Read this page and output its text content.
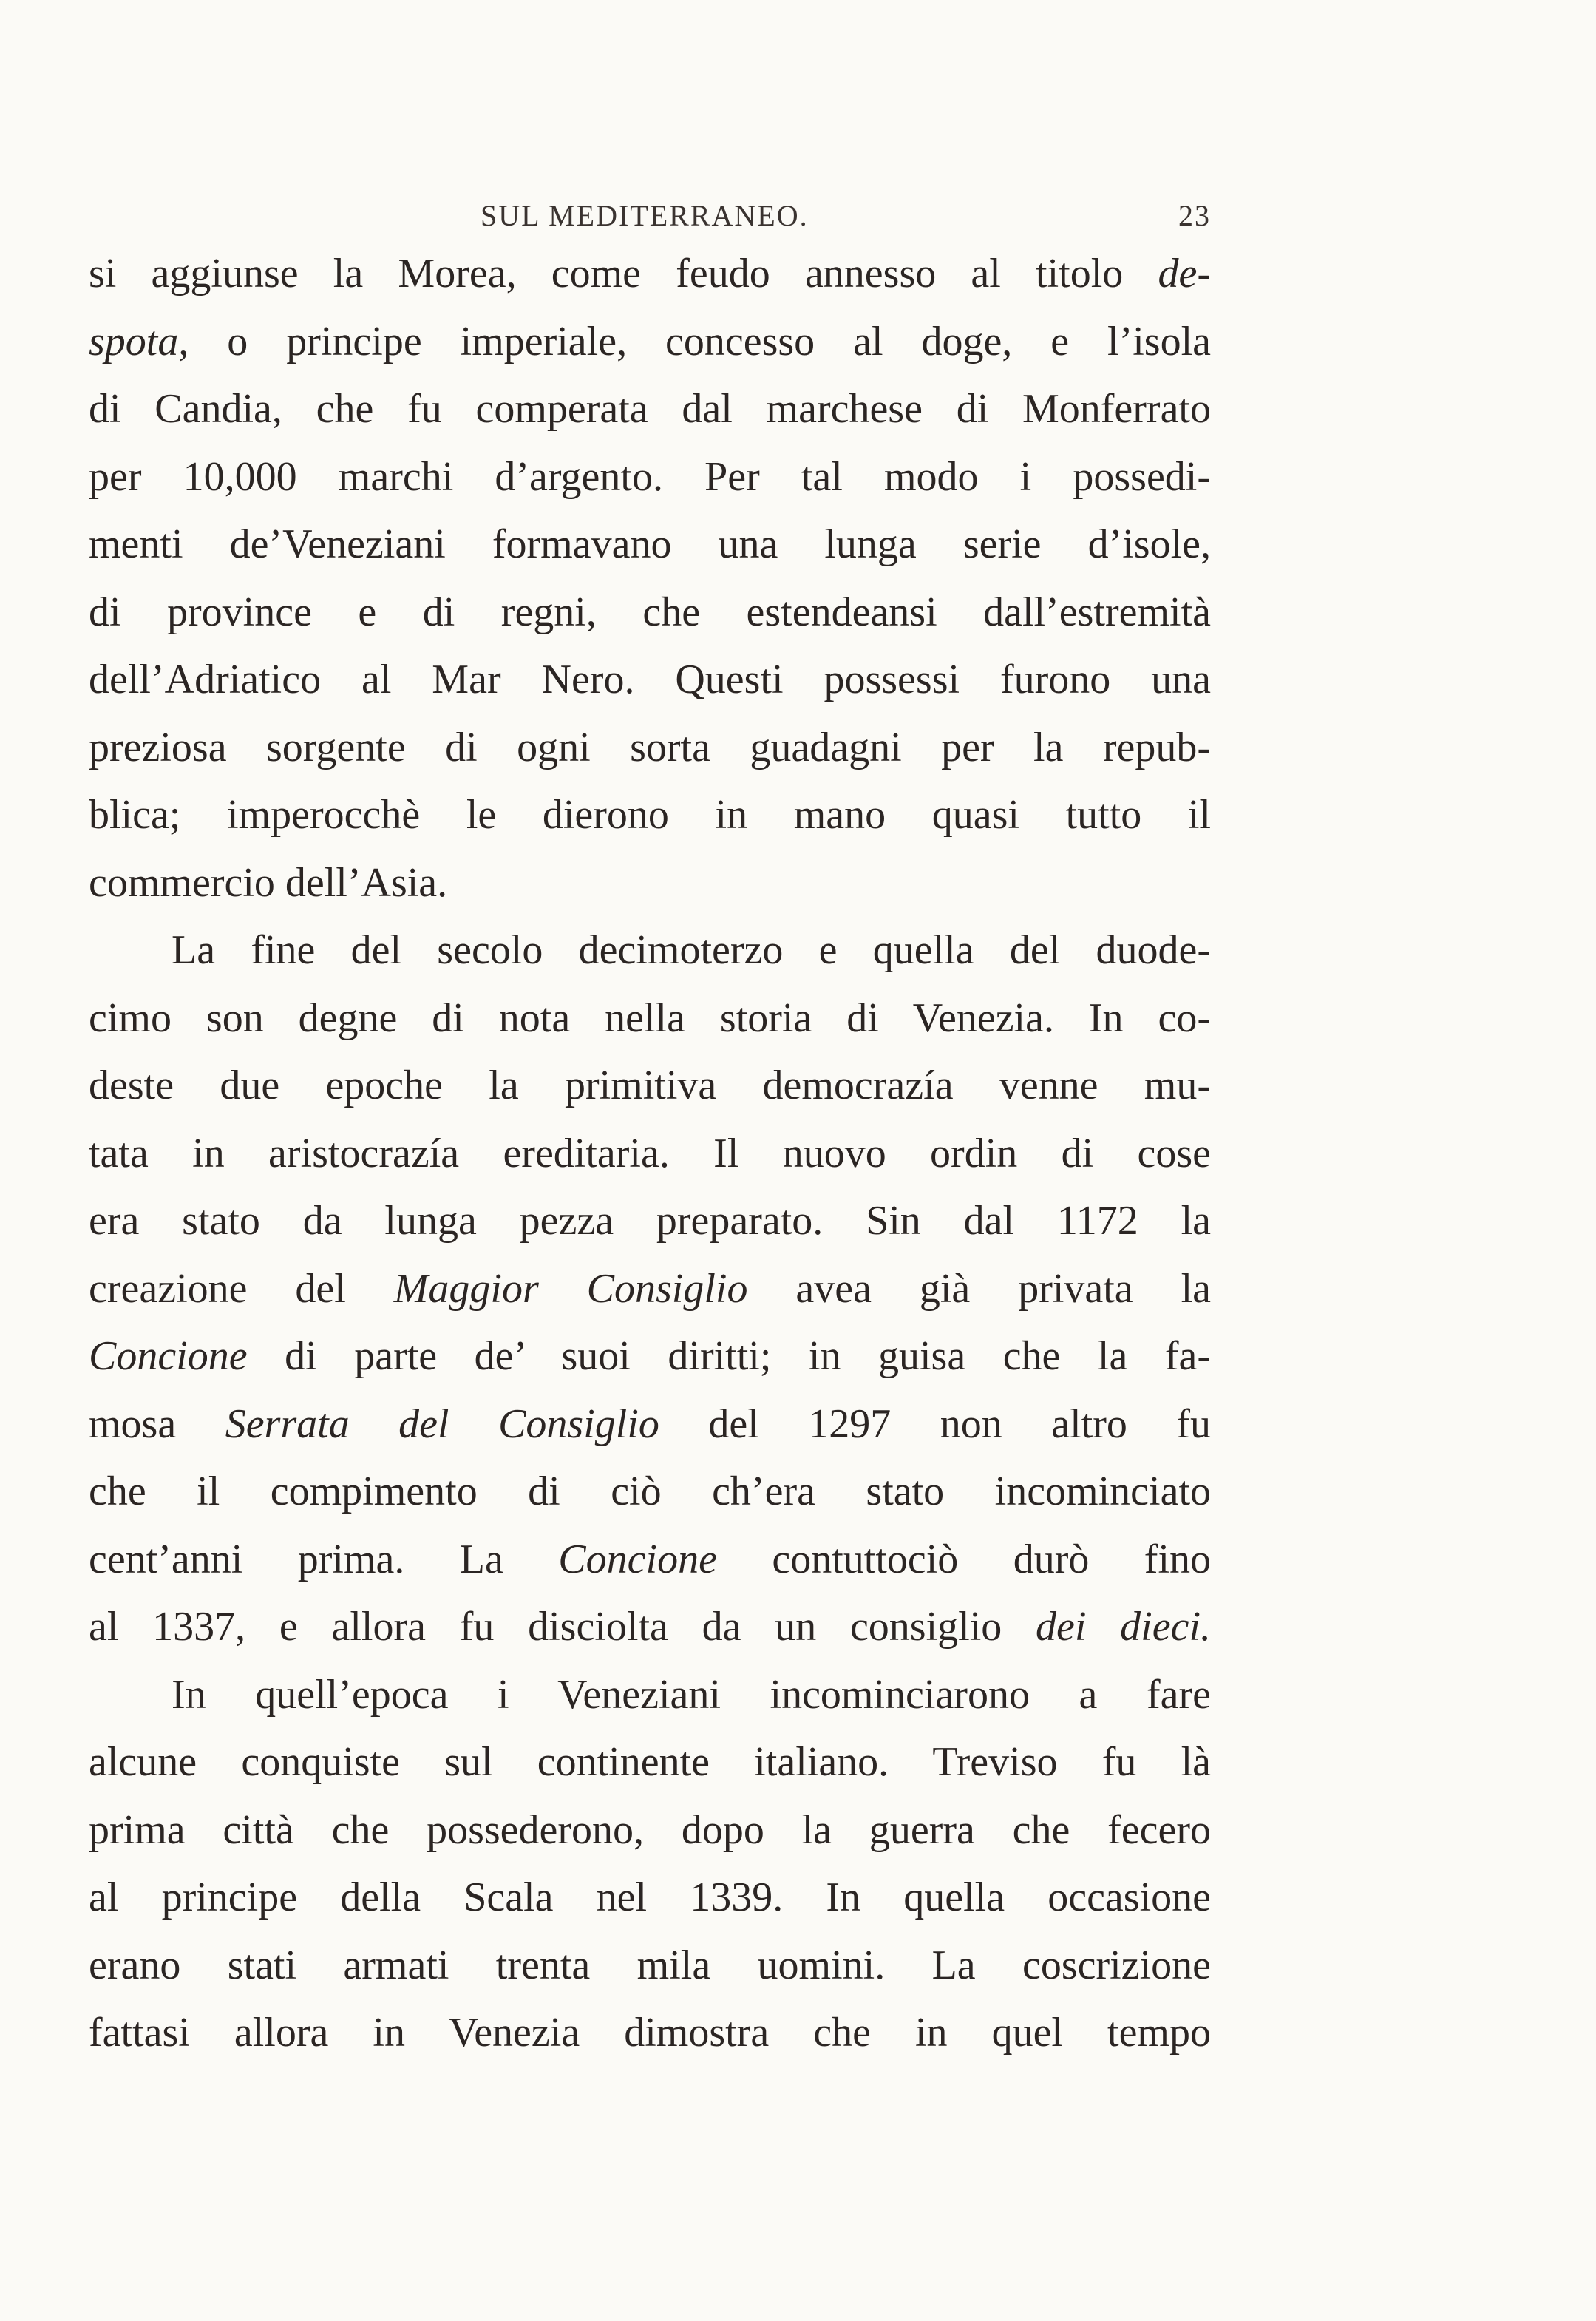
SUL MEDITERRANEO.	23
si aggiunse la Morea, come feudo annesso al titolo de-
spota, o principe imperiale, concesso al doge, e l’isola
di Candia, che fu comperata dal marchese di Monferrato
per 10,000 marchi d’argento. Per tal modo i possedi-
menti de’Veneziani formavano una lunga serie d’isole,
di province e di regni, che estendeansi dall’estremità
dell’Adriatico al Mar Nero. Questi possessi furono una
preziosa sorgente di ogni sorta guadagni per la repub-
blica; imperocchè le dierono in mano quasi tutto il
commercio dell’Asia.
La fine del secolo decimoterzo e quella del duode-
cimo son degne di nota nella storia di Venezia. In co-
deste due epoche la primitiva democrazía venne mu-
tata in aristocrazía ereditaria. Il nuovo ordin di cose
era stato da lunga pezza preparato. Sin dal 1172 la
creazione del Maggior Consiglio avea già privata la
Concione di parte de’ suoi diritti; in guisa che la fa-
mosa Serrata del Consiglio del 1297 non altro fu
che il compimento di ciò ch’era stato incominciato
cent’anni prima. La Concione contuttociò durò fino
al 1337, e allora fu disciolta da un consiglio dei dieci.
In quell’epoca i Veneziani incominciarono a fare
alcune conquiste sul continente italiano. Treviso fu là
prima città che possederono, dopo la guerra che fecero
al principe della Scala nel 1339. In quella occasione
erano stati armati trenta mila uomini. La coscrizione
fattasi allora in Venezia dimostra che in quel tempo
